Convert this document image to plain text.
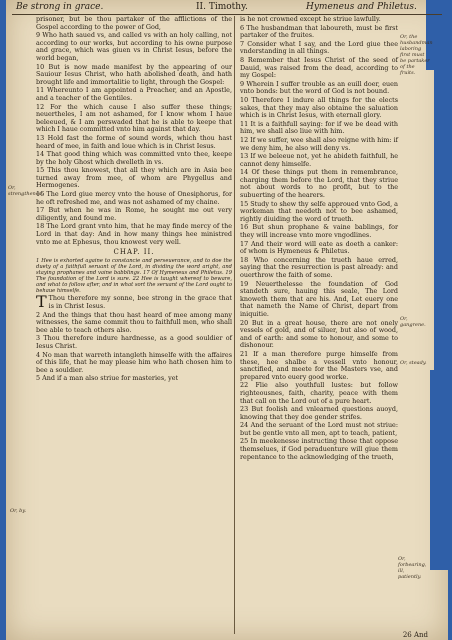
Be strong in grace.	II. Timothy.	Hymeneus and Philetus.
Or, strengthened.
Or, by.
Or, the husbandman laboring first must be partaker of the fruits.
Or, gangrene.
Or, steady.
Or, forbearing, ill, patiently.

prisoner, but be thou partaker of the afflictions of the Gospel according to the power of God,

9 Who hath saued vs, and called vs with an holy calling, not according to our works, but according to his owne purpose and grace, which was giuen vs in Christ Iesus, before the world began,

10 But is now made manifest by the appearing of our Sauiour Iesus Christ, who hath abolished death, and hath brought life and immortalitie to light, through the Gospel:

11 Whereunto I am appointed a Preacher, and an Apostle, and a teacher of the Gentiles.

12 For the which cause I also suffer these things; neuertheles, I am not ashamed, for I know whom I haue beleeued, & I am perswaded that he is able to keepe that which I haue committed vnto him against that day.

13 Hold fast the forme of sound words, which thou hast heard of mee, in faith and loue which is in Christ Iesus.

14 That good thing which was committed vnto thee, keepe by the holy Ghost which dwelleth in vs.

15 This thou knowest, that all they which are in Asia bee turned away from mee, of whom are Phygellus and Hermogenes.

16 The Lord giue mercy vnto the house of Onesiphorus, for he oft refreshed me, and was not ashamed of my chaine.

17 But when he was in Rome, he sought me out very diligently, and found me.

18 The Lord grant vnto him, that he may finde mercy of the Lord in that day: And in how many things hee ministred vnto me at Ephesus, thou knowest very well.

CHAP. II.

1 Hee is exhorted againe to constancie and perseuerance, and to doe the duety of a faithfull seruant of the Lord, in dividing the word aright, and staying prophanes and vaine babblings. 17 Of Hymeneus and Philetus. 19 The foundation of the Lord is sure. 22 Hee is taught whereof to beware, and what to follow after, and in what sort the seruant of the Lord ought to behaue himselfe.

T Thou therefore my sonne, bee strong in the grace that is in Christ Iesus.

2 And the things that thou hast heard of mee among many witnesses, the same commit thou to faithfull men, who shall bee able to teach others also.

3 Thou therefore indure hardnesse, as a good souldier of Iesus Christ.

4 No man that warreth intangleth himselfe with the affaires of this life, that he may please him who hath chosen him to bee a souldier.

5 And if a man also striue for masteries, yet

is he not crowned except he striue lawfully.

6 The husbandman that laboureth, must be first partaker of the fruites.

7 Consider what I say, and the Lord giue thee vnderstanding in all things.

8 Remember that Iesus Christ of the seed of Dauid, was raised from the dead, according to my Gospel:

9 Wherein I suffer trouble as an euill doer, euen vnto bonds: but the word of God is not bound.

10 Therefore I indure all things for the elects sakes, that they may also obtaine the saluation which is in Christ Iesus, with eternall glory.

11 It is a faithfull saying: for if we be dead with him, we shall also liue with him.

12 If we suffer, wee shall also reigne with him: if we deny him, he also will deny vs.

13 If we beleeue not, yet he abideth faithfull, he cannot deny himselfe.

14 Of these things put them in remembrance, charging them before the Lord, that they striue not about words to no profit, but to the subuerting of the hearers.

15 Study to shew thy selfe approued vnto God, a workeman that needeth not to bee ashamed, rightly diuiding the word of trueth.

16 But shun prophane & vaine bablings, for they will increase vnto more vngodlines.

17 And their word will eate as doeth a canker: of whom is Hymeneus & Philetus.

18 Who concerning the trueth haue erred, saying that the resurrection is past already: and ouerthrow the faith of some.

19 Neuerthelesse the foundation of God standeth sure, hauing this seale, The Lord knoweth them that are his. And, Let euery one that nameth the Name of Christ, depart from iniquitie.

20 But in a great house, there are not onely vessels of gold, and of siluer, but also of wood, and of earth: and some to honour, and some to dishonour.

21 If a man therefore purge himselfe from these, hee shalbe a vessell vnto honour, sanctified, and meete for the Masters vse, and prepared vnto euery good worke.

22 Flie also youthfull lustes: but follow righteousnes, faith, charity, peace with them that call on the Lord out of a pure heart.

23 But foolish and vnlearned questions auoyd, knowing that they doe gender strifes.

24 And the seruant of the Lord must not striue: but be gentle vnto all men, apt to teach, patient,

25 In meekenesse instructing those that oppose themselues, if God peraduenture will giue them repentance to the acknowledging of the trueth,

26 And
